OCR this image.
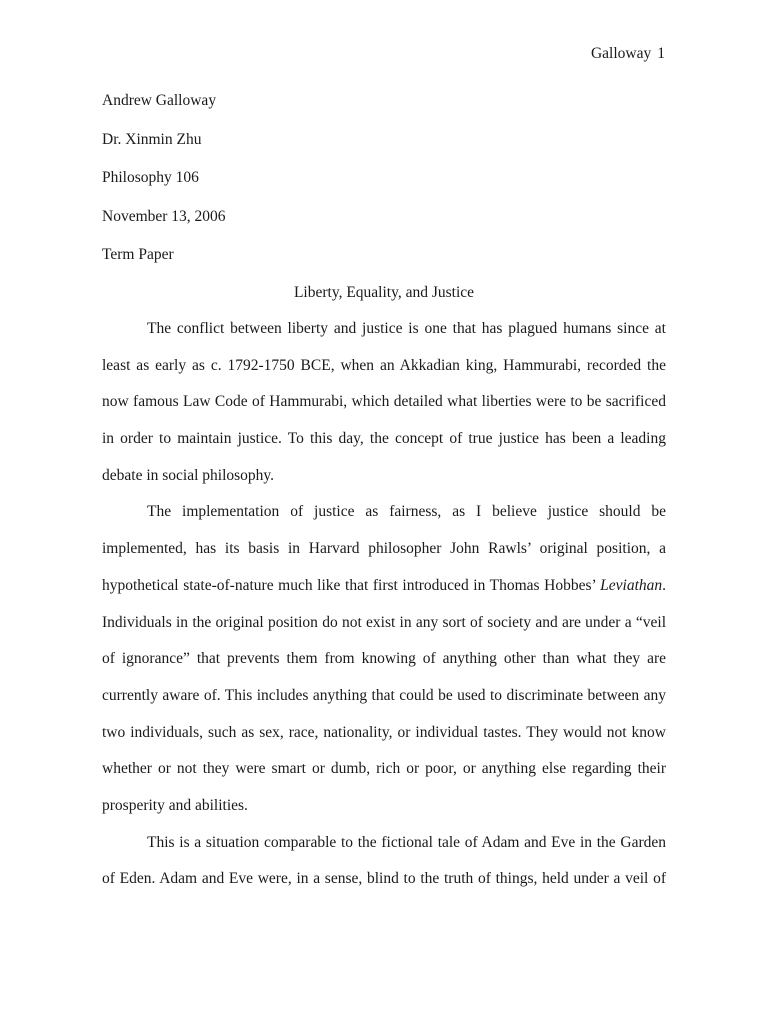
Galloway 1
Andrew Galloway
Dr. Xinmin Zhu
Philosophy 106
November 13, 2006
Term Paper
Liberty, Equality, and Justice
The conflict between liberty and justice is one that has plagued humans since at
least as early as c. 1792-1750 BCE, when an Akkadian king, Hammurabi, recorded the
now famous Law Code of Hammurabi, which detailed what liberties were to be sacrificed
in order to maintain justice. To this day, the concept of true justice has been a leading
debate in social philosophy.
The implementation of justice as fairness, as I believe justice should be
implemented, has its basis in Harvard philosopher John Rawls’ original position, a
hypothetical state-of-nature much like that first introduced in Thomas Hobbes’ Leviathan.
Individuals in the original position do not exist in any sort of society and are under a “veil
of ignorance” that prevents them from knowing of anything other than what they are
currently aware of. This includes anything that could be used to discriminate between any
two individuals, such as sex, race, nationality, or individual tastes. They would not know
whether or not they were smart or dumb, rich or poor, or anything else regarding their
prosperity and abilities.
This is a situation comparable to the fictional tale of Adam and Eve in the Garden
of Eden. Adam and Eve were, in a sense, blind to the truth of things, held under a veil of
